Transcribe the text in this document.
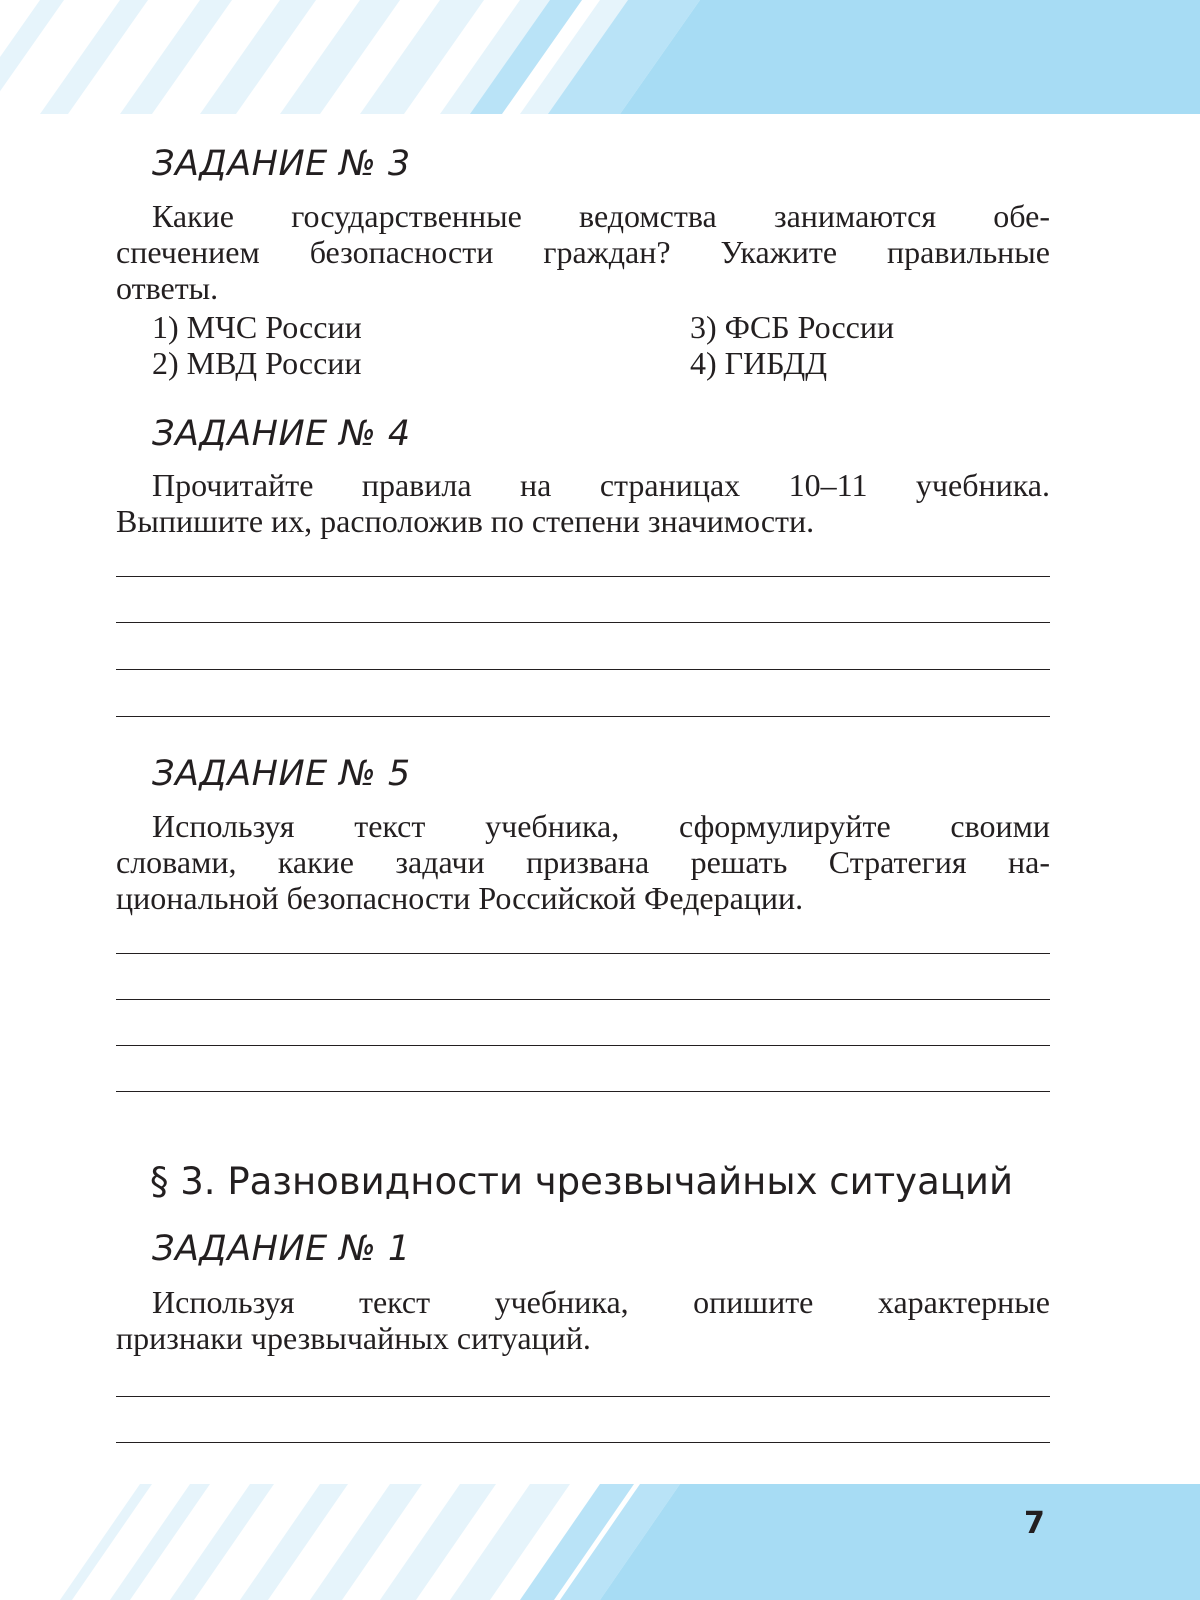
ЗАДАНИЕ № 3

Какие государственные ведомства занимаются обе-
спечением безопасности граждан? Укажите правильные
ответы.

1) МЧС России

2) МВД России

3) ФСБ России

4) ГИБДД

ЗАДАНИЕ № 4

Прочитайте правила на страницах 10–11 учебника.
Выпишите их, расположив по степени значимости.

ЗАДАНИЕ № 5

Используя текст учебника, сформулируйте своими
словами, какие задачи призвана решать Стратегия на-
циональной безопасности Российской Федерации.

§ 3. Разновидности чрезвычайных ситуаций
ЗАДАНИЕ № 1

Используя текст учебника, опишите характерные
признаки чрезвычайных ситуаций.

7
